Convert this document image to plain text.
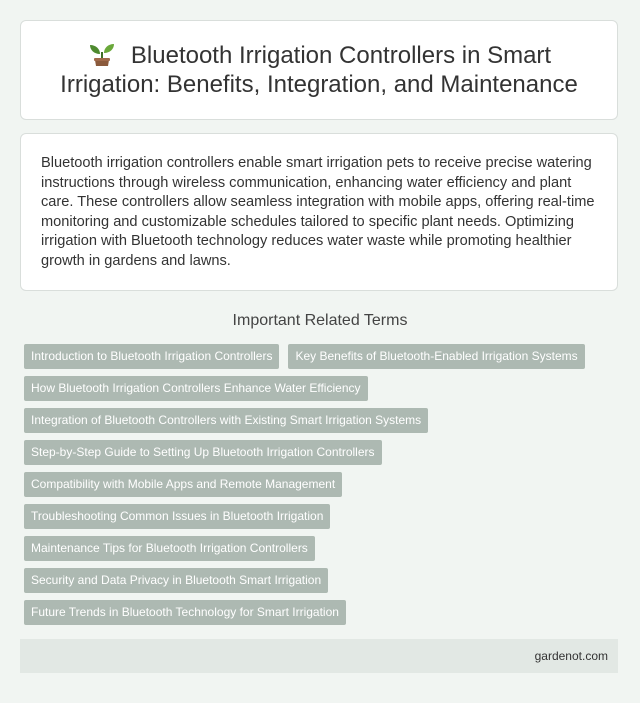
Bluetooth Irrigation Controllers in Smart Irrigation: Benefits, Integration, and Maintenance

Bluetooth irrigation controllers enable smart irrigation pets to receive precise watering instructions through wireless communication, enhancing water efficiency and plant care. These controllers allow seamless integration with mobile apps, offering real-time monitoring and customizable schedules tailored to specific plant needs. Optimizing irrigation with Bluetooth technology reduces water waste while promoting healthier growth in gardens and lawns.

Important Related Terms
Introduction to Bluetooth Irrigation Controllers	Key Benefits of Bluetooth-Enabled Irrigation Systems
How Bluetooth Irrigation Controllers Enhance Water Efficiency
Integration of Bluetooth Controllers with Existing Smart Irrigation Systems
Step-by-Step Guide to Setting Up Bluetooth Irrigation Controllers
Compatibility with Mobile Apps and Remote Management
Troubleshooting Common Issues in Bluetooth Irrigation
Maintenance Tips for Bluetooth Irrigation Controllers
Security and Data Privacy in Bluetooth Smart Irrigation
Future Trends in Bluetooth Technology for Smart Irrigation
gardenot.com
